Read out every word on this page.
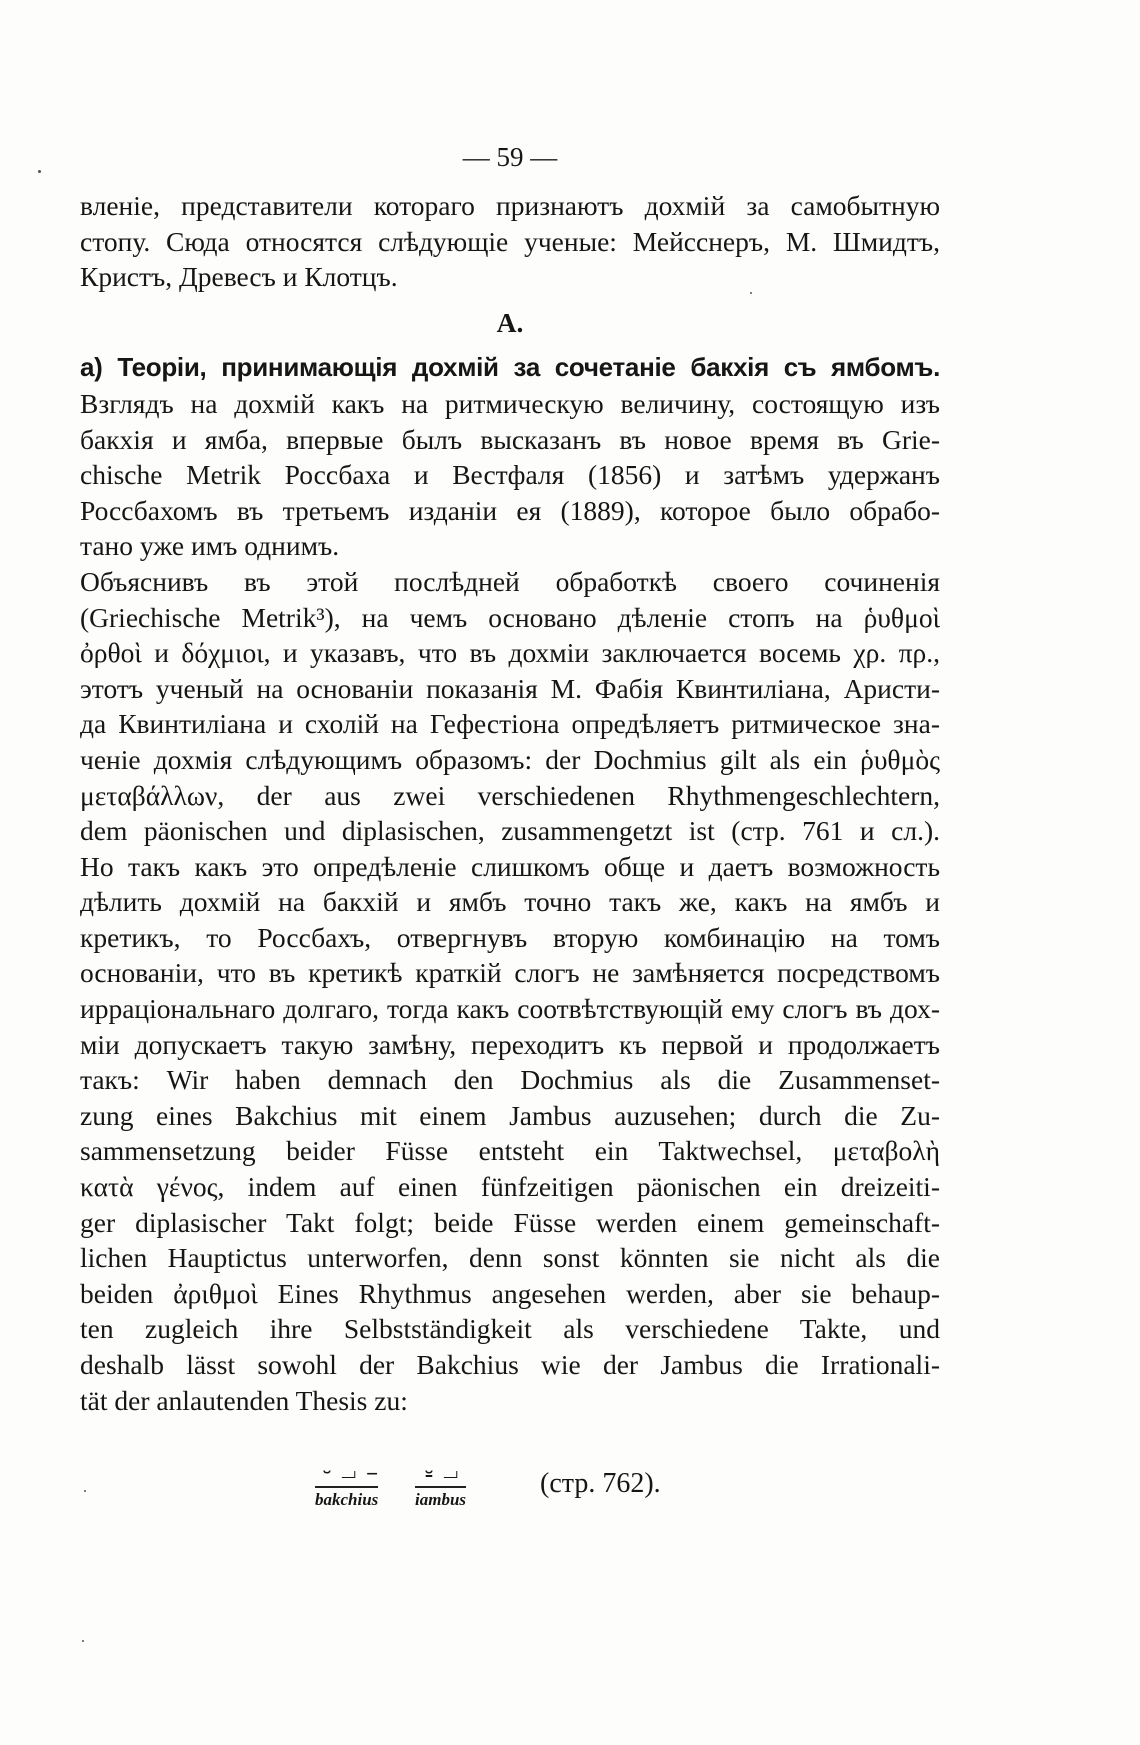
— 59 —
вленіе, представители котораго признаютъ дохмій за самобытную
стопу. Сюда относятся слѣдующіе ученые: Мейсснеръ, М. Шмидтъ,
Кристъ, Древесъ и Клотцъ.
А.
а) Теоріи, принимающія дохмій за сочетаніе бакхія съ ямбомъ.
Взглядъ на дохмій какъ на ритмическую величину, состоящую изъ
бакхія и ямба, впервые былъ высказанъ въ новое время въ Grie-
chische Metrik Россбаха и Вестфаля (1856) и затѣмъ удержанъ
Россбахомъ въ третьемъ изданіи ея (1889), которое было обрабо-
тано уже имъ однимъ.
Объяснивъ въ этой послѣдней обработкѣ своего сочиненія
(Griechische Metrik³), на чемъ основано дѣленіе стопъ на ῥυθμοὶ
ὀρθοὶ и δόχμιοι, и указавъ, что въ дохміи заключается восемь χρ. πρ.,
этотъ ученый на основаніи показанія М. Фабія Квинтиліана, Аристи-
да Квинтиліана и схолій на Гефестіона опредѣляетъ ритмическое зна-
ченіе дохмія слѣдующимъ образомъ: der Dochmius gilt als ein ῥυθμὸς
μεταβάλλων, der aus zwei verschiedenen Rhythmengeschlechtern,
dem päonischen und diplasischen, zusammengetzt ist (стр. 761 и сл.).
Но такъ какъ это опредѣленіе слишкомъ обще и даетъ возможность
дѣлить дохмій на бакхій и ямбъ точно такъ же, какъ на ямбъ и
кретикъ, то Россбахъ, отвергнувъ вторую комбинацію на томъ
основаніи, что въ кретикѣ краткій слогъ не замѣняется посредствомъ
ирраціональнаго долгаго, тогда какъ соотвѣтствующій ему слогъ въ дох-
міи допускаетъ такую замѣну, переходитъ къ первой и продолжаетъ
такъ: Wir haben demnach den Dochmius als die Zusammenset-
zung eines Bakchius mit einem Jambus auzusehen; durch die Zu-
sammensetzung beider Füsse entsteht ein Taktwechsel, μεταβολὴ
κατὰ γένος, indem auf einen fünfzeitigen päonischen ein dreizeiti-
ger diplasischer Takt folgt; beide Füsse werden einem gemeinschaft-
lichen Hauptictus unterworfen, denn sonst könnten sie nicht als die
beiden ἀριθμοὶ Eines Rhythmus angesehen werden, aber sie behaup-
ten zugleich ihre Selbstständigkeit als verschiedene Takte, und
deshalb lässt sowohl der Bakchius wie der Jambus die Irrationali-
tät der anlautenden Thesis zu:
⏑ ⏗ – ⏓ ⏗
bakchius iambus
(стр. 762).
